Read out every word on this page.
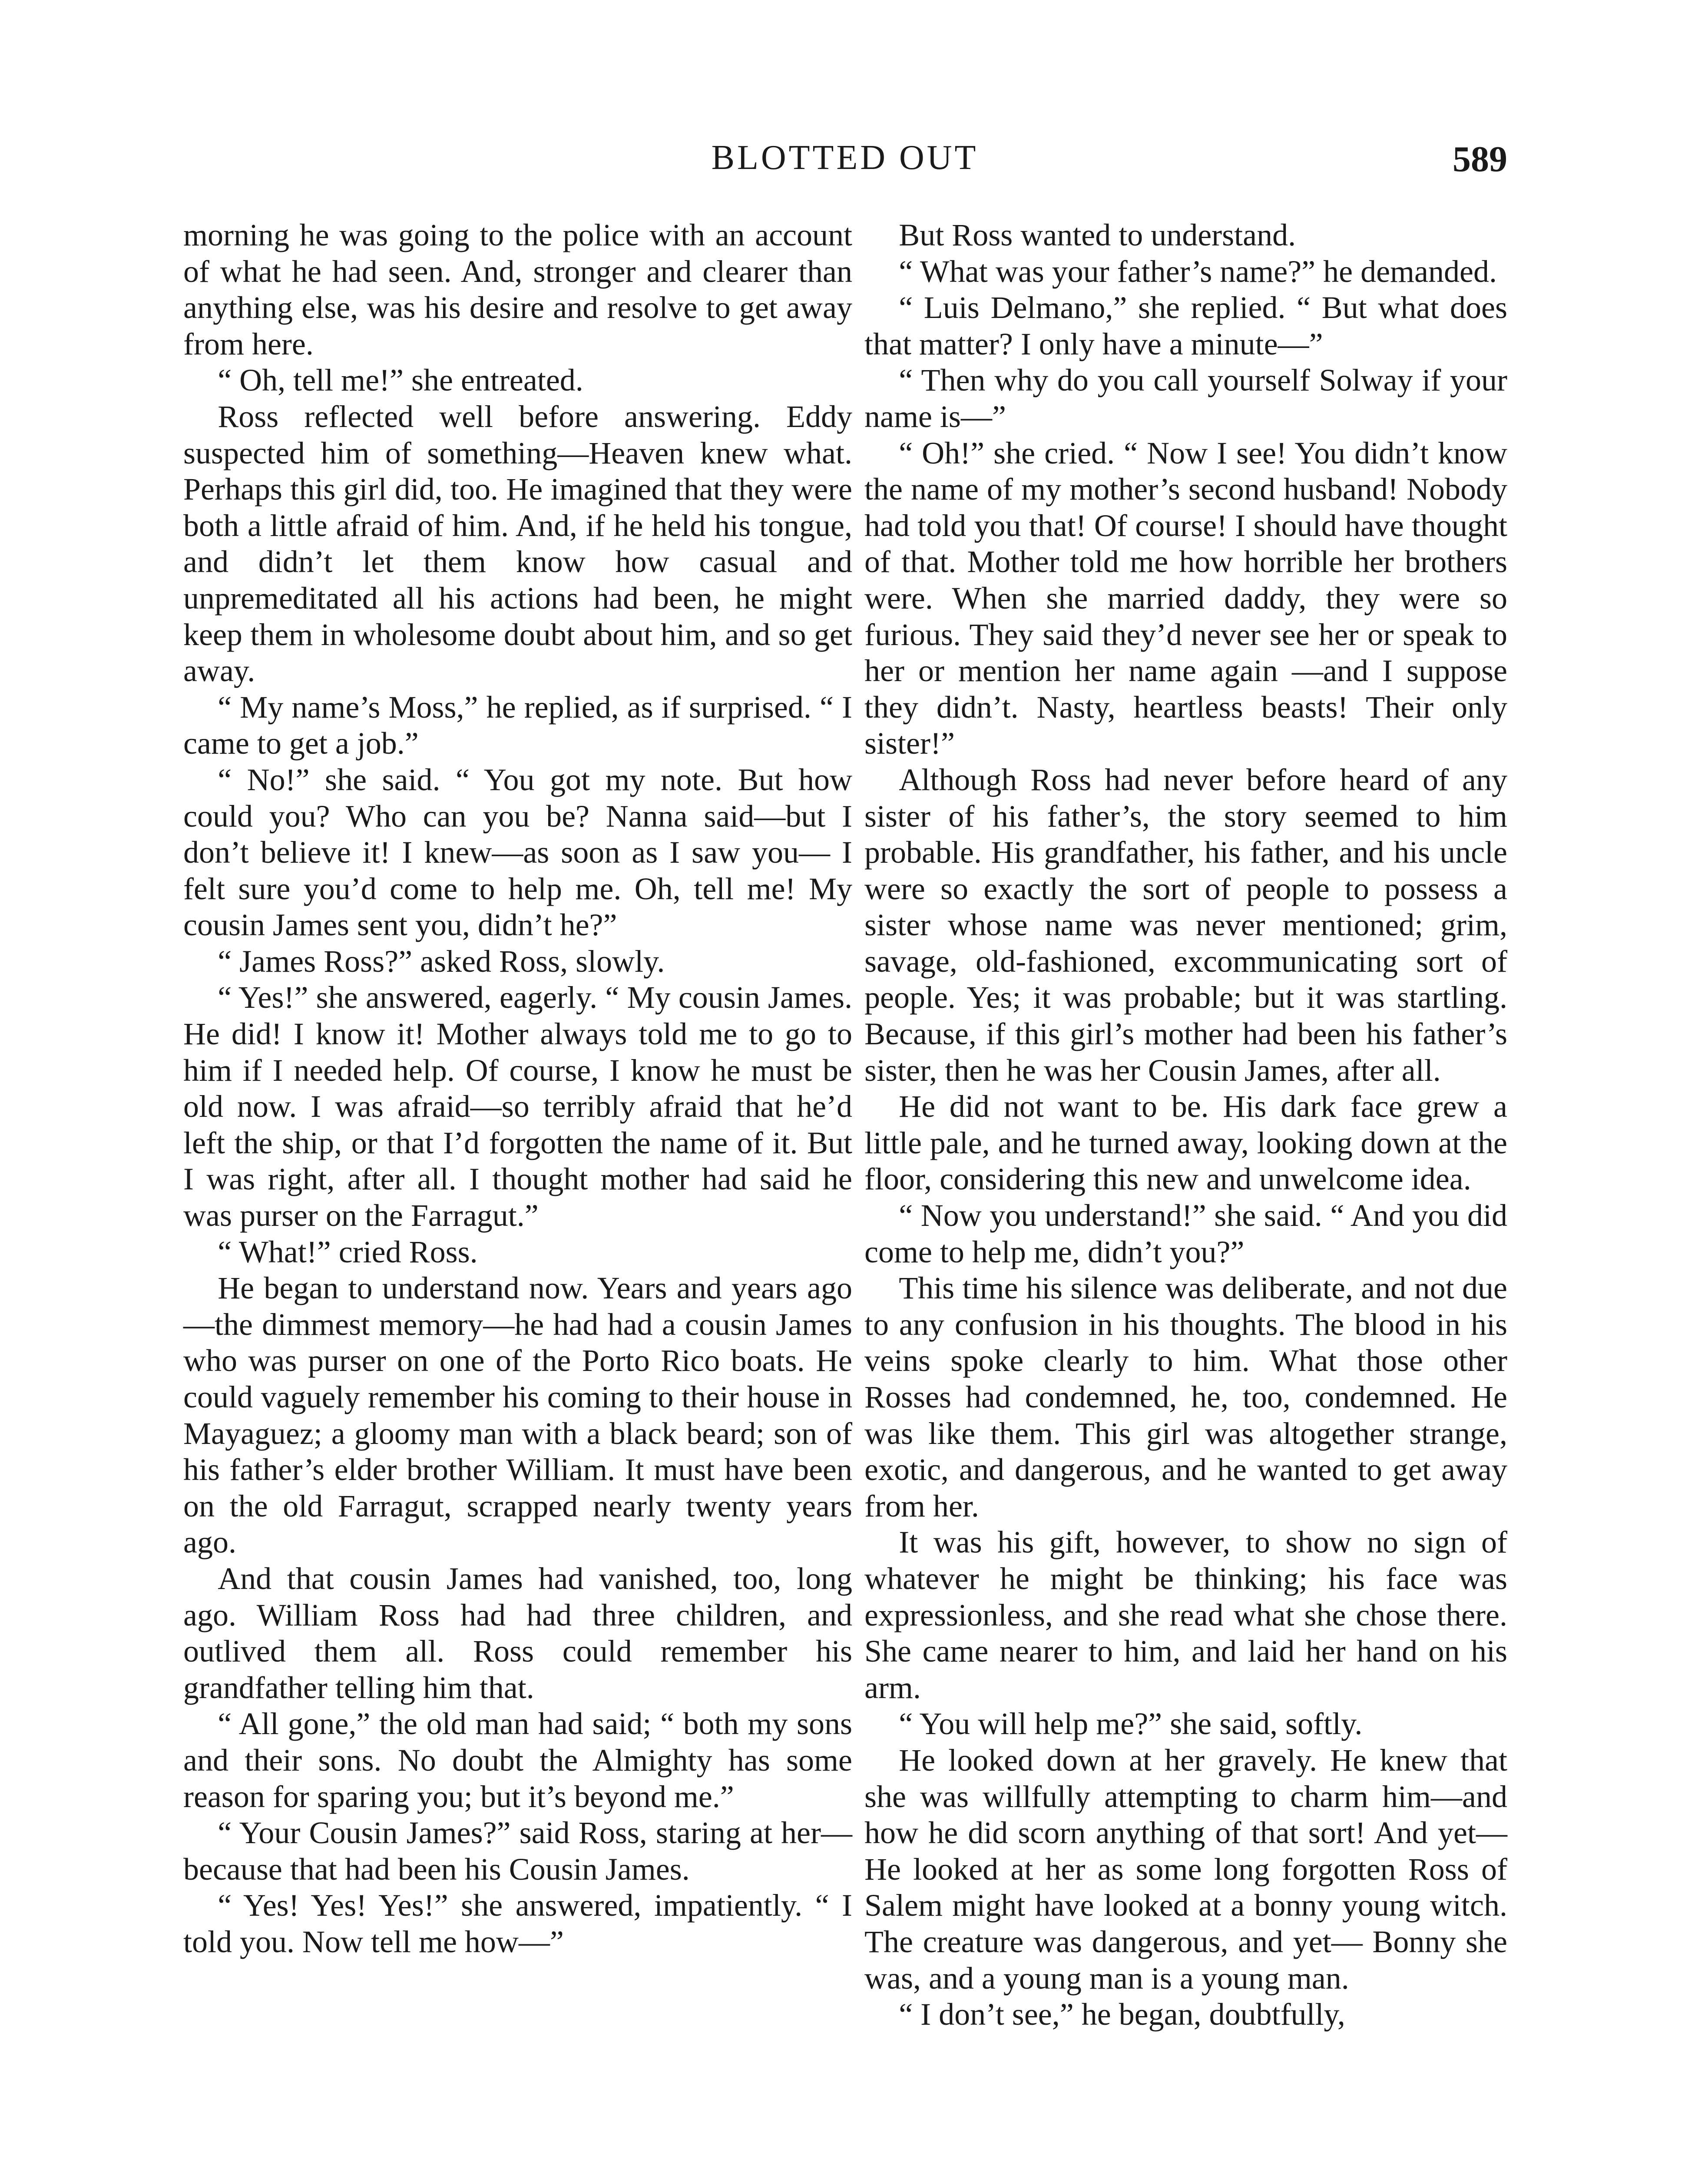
BLOTTED OUT	589

morning he was going to the police with an account of what he had seen. And, stronger and clearer than anything else, was his desire and resolve to get away from here.

“ Oh, tell me!” she entreated.

Ross reflected well before answering. Eddy suspected him of something—Heaven knew what. Perhaps this girl did, too. He imagined that they were both a little afraid of him. And, if he held his tongue, and didn’t let them know how casual and unpremeditated all his actions had been, he might keep them in wholesome doubt about him, and so get away.

“ My name’s Moss,” he replied, as if surprised. “ I came to get a job.”

“ No!” she said. “ You got my note. But how could you? Who can you be? Nanna said—but I don’t believe it! I knew—as soon as I saw you— I felt sure you’d come to help me. Oh, tell me! My cousin James sent you, didn’t he?”

“ James Ross?” asked Ross, slowly.

“ Yes!” she answered, eagerly. “ My cousin James. He did! I know it! Mother always told me to go to him if I needed help. Of course, I know he must be old now. I was afraid—so terribly afraid that he’d left the ship, or that I’d forgotten the name of it. But I was right, after all. I thought mother had said he was purser on the Farragut.”

“ What!” cried Ross.

He began to understand now. Years and years ago—the dimmest memory—he had had a cousin James who was purser on one of the Porto Rico boats. He could vaguely remember his coming to their house in Mayaguez; a gloomy man with a black beard; son of his father’s elder brother William. It must have been on the old Farragut, scrapped nearly twenty years ago.

And that cousin James had vanished, too, long ago. William Ross had had three children, and outlived them all. Ross could remember his grandfather telling him that.

“ All gone,” the old man had said; “ both my sons and their sons. No doubt the Almighty has some reason for sparing you; but it’s beyond me.”

“ Your Cousin James?” said Ross, staring at her—because that had been his Cousin James.

“ Yes! Yes! Yes!” she answered, impatiently. “ I told you. Now tell me how—”

But Ross wanted to understand.

“ What was your father’s name?” he demanded.

“ Luis Delmano,” she replied. “ But what does that matter? I only have a minute—”

“ Then why do you call yourself Solway if your name is—”

“ Oh!” she cried. “ Now I see! You didn’t know the name of my mother’s second husband! Nobody had told you that! Of course! I should have thought of that. Mother told me how horrible her brothers were. When she married daddy, they were so furious. They said they’d never see her or speak to her or mention her name again —and I suppose they didn’t. Nasty, heartless beasts! Their only sister!”

Although Ross had never before heard of any sister of his father’s, the story seemed to him probable. His grandfather, his father, and his uncle were so exactly the sort of people to possess a sister whose name was never mentioned; grim, savage, old-fashioned, excommunicating sort of people. Yes; it was probable; but it was startling. Because, if this girl’s mother had been his father’s sister, then he was her Cousin James, after all.

He did not want to be. His dark face grew a little pale, and he turned away, looking down at the floor, considering this new and unwelcome idea.

“ Now you understand!” she said. “ And you did come to help me, didn’t you?”

This time his silence was deliberate, and not due to any confusion in his thoughts. The blood in his veins spoke clearly to him. What those other Rosses had condemned, he, too, condemned. He was like them. This girl was altogether strange, exotic, and dangerous, and he wanted to get away from her.

It was his gift, however, to show no sign of whatever he might be thinking; his face was expressionless, and she read what she chose there. She came nearer to him, and laid her hand on his arm.

“ You will help me?” she said, softly.

He looked down at her gravely. He knew that she was willfully attempting to charm him—and how he did scorn anything of that sort! And yet— He looked at her as some long forgotten Ross of Salem might have looked at a bonny young witch. The creature was dangerous, and yet— Bonny she was, and a young man is a young man.

“ I don’t see,” he began, doubtfully,
